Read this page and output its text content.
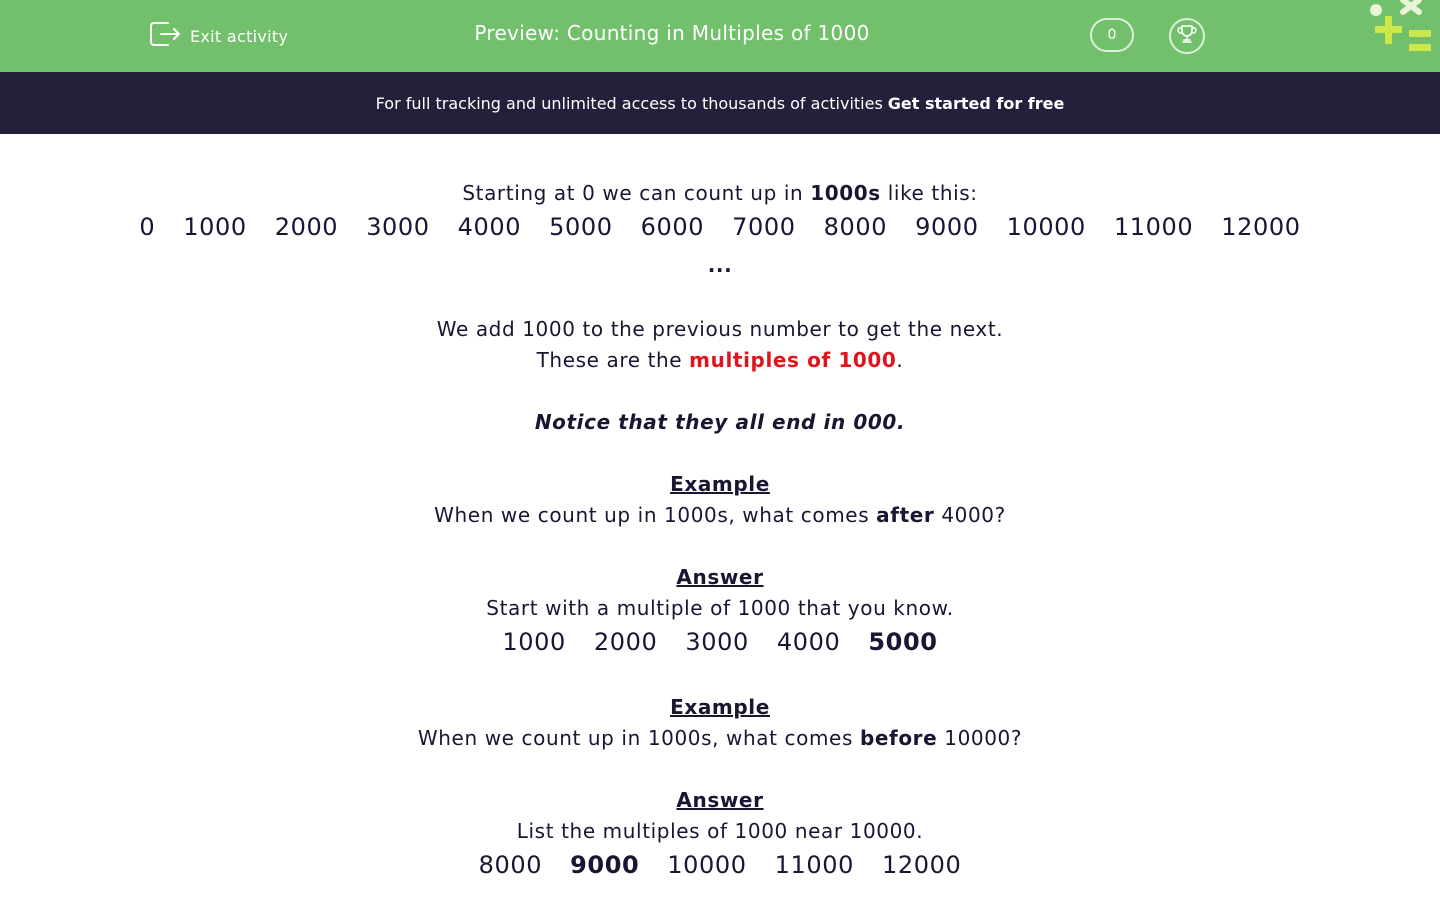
Exit activity	Preview: Counting in Multiples of 1000	0
For full tracking and unlimited access to thousands of activities Get started for free
Starting at 0 we can count up in 1000s like this:
0 1000 2000 3000 4000 5000 6000 7000 8000 9000 10000 11000 12000
...
We add 1000 to the previous number to get the next.
These are the multiples of 1000.
Notice that they all end in 000.
Example
When we count up in 1000s, what comes after 4000?
Answer
Start with a multiple of 1000 that you know.
1000 2000 3000 4000 5000
Example
When we count up in 1000s, what comes before 10000?
Answer
List the multiples of 1000 near 10000.
8000 9000 10000 11000 12000
